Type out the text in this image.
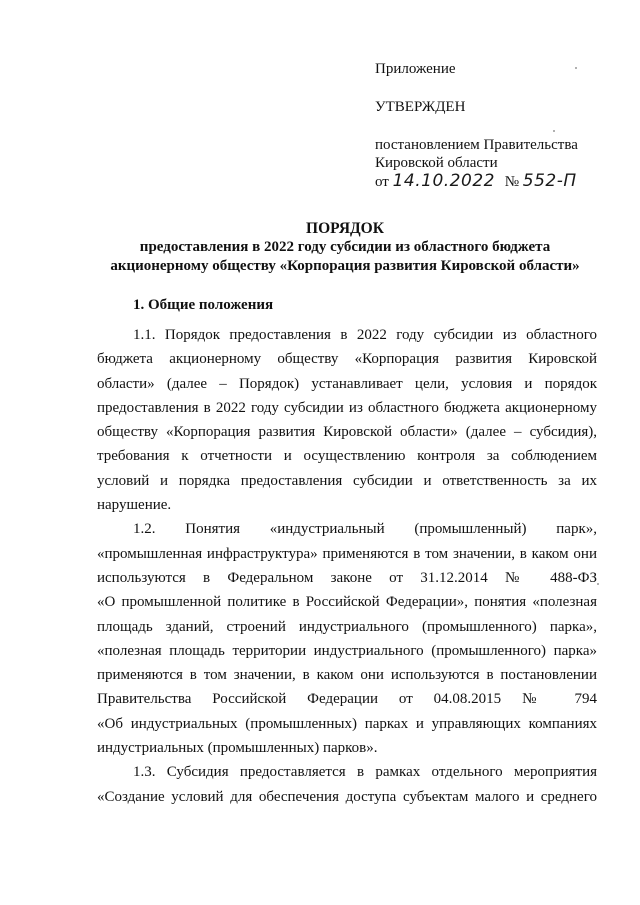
Приложение
УТВЕРЖДЕН
постановлением Правительства
Кировской области
от 14.10.2022 № 552-П
ПОРЯДОК
предоставления в 2022 году субсидии из областного бюджета
акционерному обществу «Корпорация развития Кировской области»
1. Общие положения
1.1. Порядок предоставления в 2022 году субсидии из областного
бюджета акционерному обществу «Корпорация развития Кировской
области» (далее – Порядок) устанавливает цели, условия и порядок
предоставления в 2022 году субсидии из областного бюджета акционерному
обществу «Корпорация развития Кировской области» (далее – субсидия),
требования к отчетности и осуществлению контроля за соблюдением
условий и порядка предоставления субсидии и ответственность за их
нарушение.
1.2. Понятия «индустриальный (промышленный) парк»,
«промышленная инфраструктура» применяются в том значении, в каком они
используются в Федеральном законе от 31.12.2014 № 488-ФЗ
«О промышленной политике в Российской Федерации», понятия «полезная
площадь зданий, строений индустриального (промышленного) парка»,
«полезная площадь территории индустриального (промышленного) парка»
применяются в том значении, в каком они используются в постановлении
Правительства Российской Федерации от 04.08.2015 № 794
«Об индустриальных (промышленных) парках и управляющих компаниях
индустриальных (промышленных) парков».
1.3. Субсидия предоставляется в рамках отдельного мероприятия
«Создание условий для обеспечения доступа субъектам малого и среднего
